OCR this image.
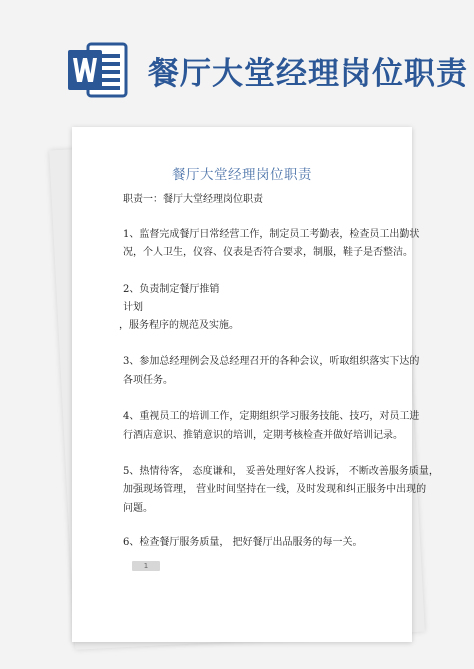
餐厅大堂经理岗位职责
餐厅大堂经理岗位职责
职责一：餐厅大堂经理岗位职责
1、监督完成餐厅日常经营工作，制定员工考勤表，检查员工出勤状
况，个人卫生，仪容、仪表是否符合要求，制服，鞋子是否整洁。
2、负责制定餐厅推销
计划
，服务程序的规范及实施。
3、参加总经理例会及总经理召开的各种会议，听取组织落实下达的
各项任务。
4、重视员工的培训工作，定期组织学习服务技能、技巧，对员工进
行酒店意识、推销意识的培训，定期考核检查并做好培训记录。
5、热情待客， 态度谦和， 妥善处理好客人投诉， 不断改善服务质量，
加强现场管理， 营业时间坚持在一线，及时发现和纠正服务中出现的
问题。
6、检查餐厅服务质量， 把好餐厅出品服务的每一关。
1
